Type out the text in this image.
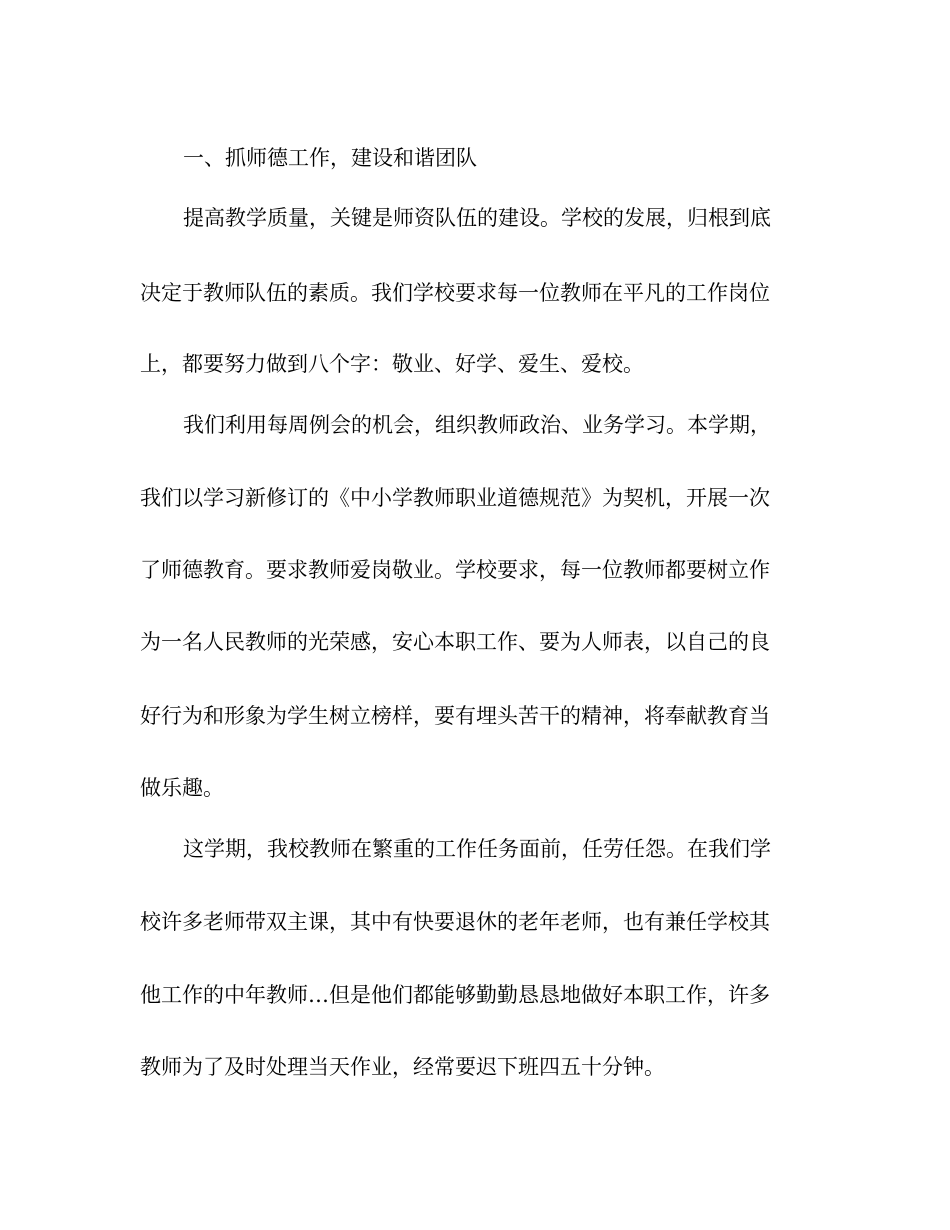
一、抓师德工作，建设和谐团队
提高教学质量，关键是师资队伍的建设。学校的发展，归根到底
决定于教师队伍的素质。我们学校要求每一位教师在平凡的工作岗位
上，都要努力做到八个字：敬业、好学、爱生、爱校。
我们利用每周例会的机会，组织教师政治、业务学习。本学期，
我们以学习新修订的《中小学教师职业道德规范》为契机，开展一次
了师德教育。要求教师爱岗敬业。学校要求，每一位教师都要树立作
为一名人民教师的光荣感，安心本职工作、要为人师表，以自己的良
好行为和形象为学生树立榜样，要有埋头苦干的精神，将奉献教育当
做乐趣。
这学期，我校教师在繁重的工作任务面前，任劳任怨。在我们学
校许多老师带双主课，其中有快要退休的老年老师，也有兼任学校其
他工作的中年教师…但是他们都能够勤勤恳恳地做好本职工作，许多
教师为了及时处理当天作业，经常要迟下班四五十分钟。
